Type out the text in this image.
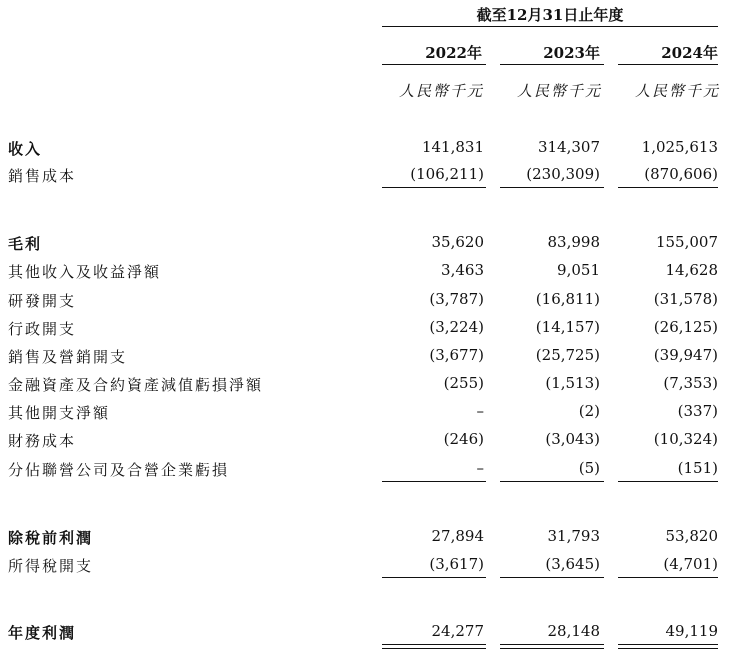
截至12月31日止年度
2022年	2023年	2024年
人民幣千元	人民幣千元	人民幣千元
收入	141,831	314,307	1,025,613
銷售成本	(106,211)	(230,309)	(870,606)
毛利	35,620	83,998	155,007
其他收入及收益淨額	3,463	9,051	14,628
研發開支	(3,787)	(16,811)	(31,578)
行政開支	(3,224)	(14,157)	(26,125)
銷售及營銷開支	(3,677)	(25,725)	(39,947)
金融資產及合約資產減值虧損淨額	(255)	(1,513)	(7,353)
其他開支淨額	–	(2)	(337)
財務成本	(246)	(3,043)	(10,324)
分佔聯營公司及合營企業虧損	–	(5)	(151)
除稅前利潤	27,894	31,793	53,820
所得稅開支	(3,617)	(3,645)	(4,701)
年度利潤	24,277	28,148	49,119
